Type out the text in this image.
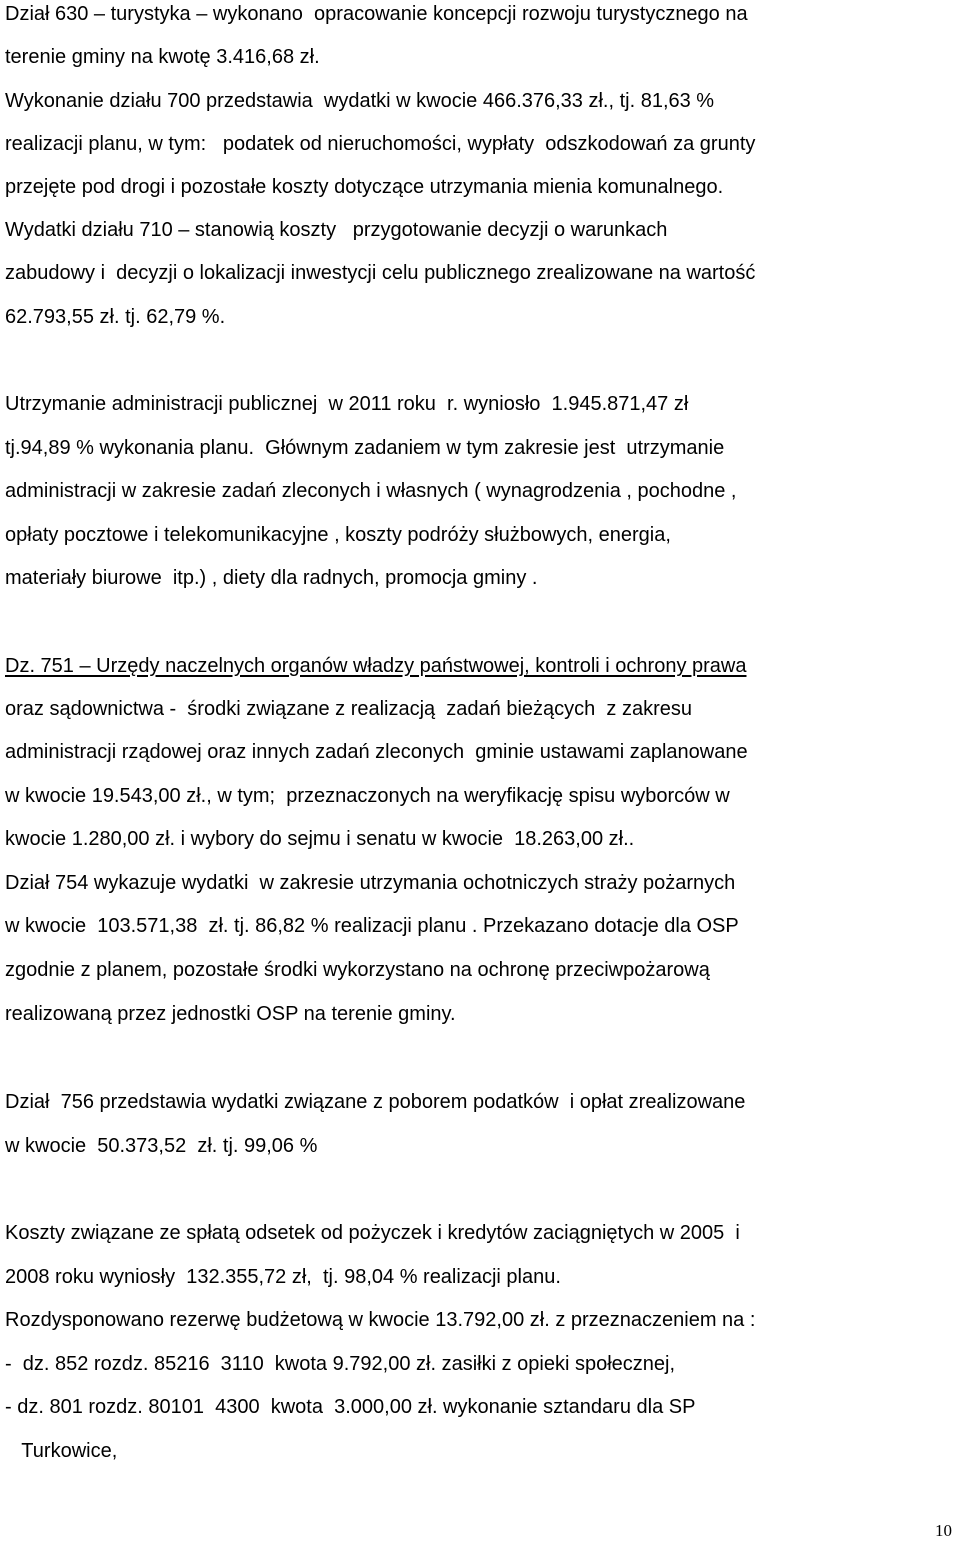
Dział 630 – turystyka – wykonano  opracowanie koncepcji rozwoju turystycznego na
terenie gminy na kwotę 3.416,68 zł.
Wykonanie działu 700 przedstawia  wydatki w kwocie 466.376,33 zł., tj. 81,63 %
realizacji planu, w tym:   podatek od nieruchomości, wypłaty  odszkodowań za grunty
przejęte pod drogi i pozostałe koszty dotyczące utrzymania mienia komunalnego.
Wydatki działu 710 – stanowią koszty   przygotowanie decyzji o warunkach
zabudowy i  decyzji o lokalizacji inwestycji celu publicznego zrealizowane na wartość
62.793,55 zł. tj. 62,79 %.
Utrzymanie administracji publicznej  w 2011 roku  r. wyniosło  1.945.871,47 zł
tj.94,89 % wykonania planu.  Głównym zadaniem w tym zakresie jest  utrzymanie
administracji w zakresie zadań zleconych i własnych ( wynagrodzenia , pochodne ,
opłaty pocztowe i telekomunikacyjne , koszty podróży służbowych, energia,
materiały biurowe  itp.) , diety dla radnych, promocja gminy .
Dz. 751 – Urzędy naczelnych organów władzy państwowej, kontroli i ochrony prawa
oraz sądownictwa -  środki związane z realizacją  zadań bieżących  z zakresu
administracji rządowej oraz innych zadań zleconych  gminie ustawami zaplanowane
w kwocie 19.543,00 zł., w tym;  przeznaczonych na weryfikację spisu wyborców w
kwocie 1.280,00 zł. i wybory do sejmu i senatu w kwocie  18.263,00 zł..
Dział 754 wykazuje wydatki  w zakresie utrzymania ochotniczych straży pożarnych
w kwocie  103.571,38  zł. tj. 86,82 % realizacji planu . Przekazano dotacje dla OSP
zgodnie z planem, pozostałe środki wykorzystano na ochronę przeciwpożarową
realizowaną przez jednostki OSP na terenie gminy.
Dział  756 przedstawia wydatki związane z poborem podatków  i opłat zrealizowane
w kwocie  50.373,52  zł. tj. 99,06 %
Koszty związane ze spłatą odsetek od pożyczek i kredytów zaciągniętych w 2005  i
2008 roku wyniosły  132.355,72 zł,  tj. 98,04 % realizacji planu.
Rozdysponowano rezerwę budżetową w kwocie 13.792,00 zł. z przeznaczeniem na :
-  dz. 852 rozdz. 85216  3110  kwota 9.792,00 zł. zasiłki z opieki społecznej,
- dz. 801 rozdz. 80101  4300  kwota  3.000,00 zł. wykonanie sztandaru dla SP
Turkowice,
10
